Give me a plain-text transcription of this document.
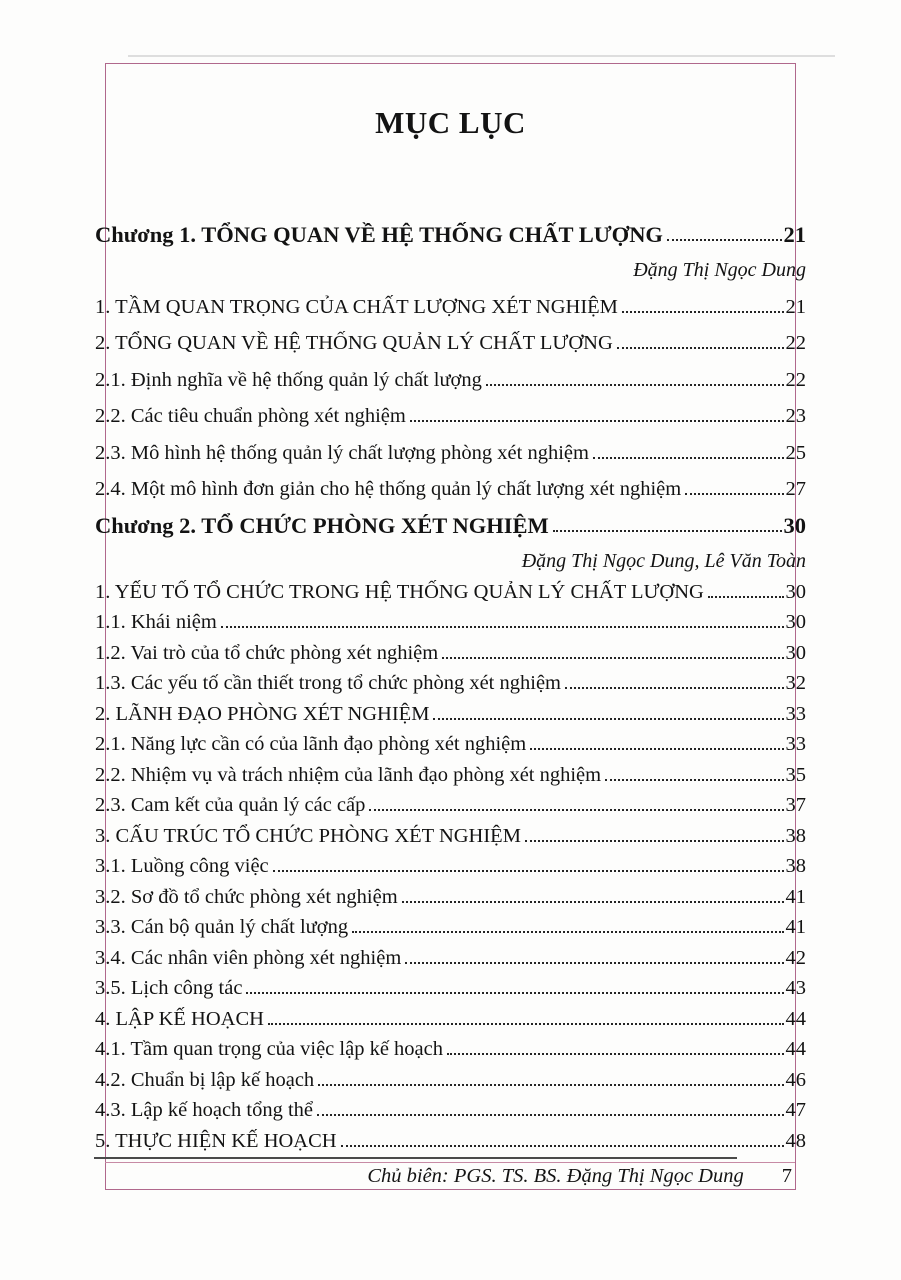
MỤC LỤC
Chương 1. TỔNG QUAN VỀ HỆ THỐNG CHẤT LƯỢNG	21
Đặng Thị Ngọc Dung
1. TẦM QUAN TRỌNG CỦA CHẤT LƯỢNG XÉT NGHIỆM	21
2. TỔNG QUAN VỀ HỆ THỐNG QUẢN LÝ CHẤT LƯỢNG	22
2.1. Định nghĩa về hệ thống quản lý chất lượng	22
2.2. Các tiêu chuẩn phòng xét nghiệm	23
2.3. Mô hình hệ thống quản lý chất lượng phòng xét nghiệm	25
2.4. Một mô hình đơn giản cho hệ thống quản lý chất lượng xét nghiệm	27
Chương 2. TỔ CHỨC PHÒNG XÉT NGHIỆM	30
Đặng Thị Ngọc Dung, Lê Văn Toàn
1. YẾU TỐ TỔ CHỨC TRONG HỆ THỐNG QUẢN LÝ CHẤT LƯỢNG	30
1.1. Khái niệm	30
1.2. Vai trò của tổ chức phòng xét nghiệm	30
1.3. Các yếu tố cần thiết trong tổ chức phòng xét nghiệm	32
2. LÃNH ĐẠO PHÒNG XÉT NGHIỆM	33
2.1. Năng lực cần có của lãnh đạo phòng xét nghiệm	33
2.2. Nhiệm vụ và trách nhiệm của lãnh đạo phòng xét nghiệm	35
2.3. Cam kết của quản lý các cấp	37
3. CẤU TRÚC TỔ CHỨC PHÒNG XÉT NGHIỆM	38
3.1. Luồng công việc	38
3.2. Sơ đồ tổ chức phòng xét nghiệm	41
3.3. Cán bộ quản lý chất lượng	41
3.4. Các nhân viên phòng xét nghiệm	42
3.5. Lịch công tác	43
4. LẬP KẾ HOẠCH	44
4.1. Tầm quan trọng của việc lập kế hoạch	44
4.2. Chuẩn bị lập kế hoạch	46
4.3. Lập kế hoạch tổng thể	47
5. THỰC HIỆN KẾ HOẠCH	48
Chủ biên: PGS. TS. BS. Đặng Thị Ngọc Dung 7
